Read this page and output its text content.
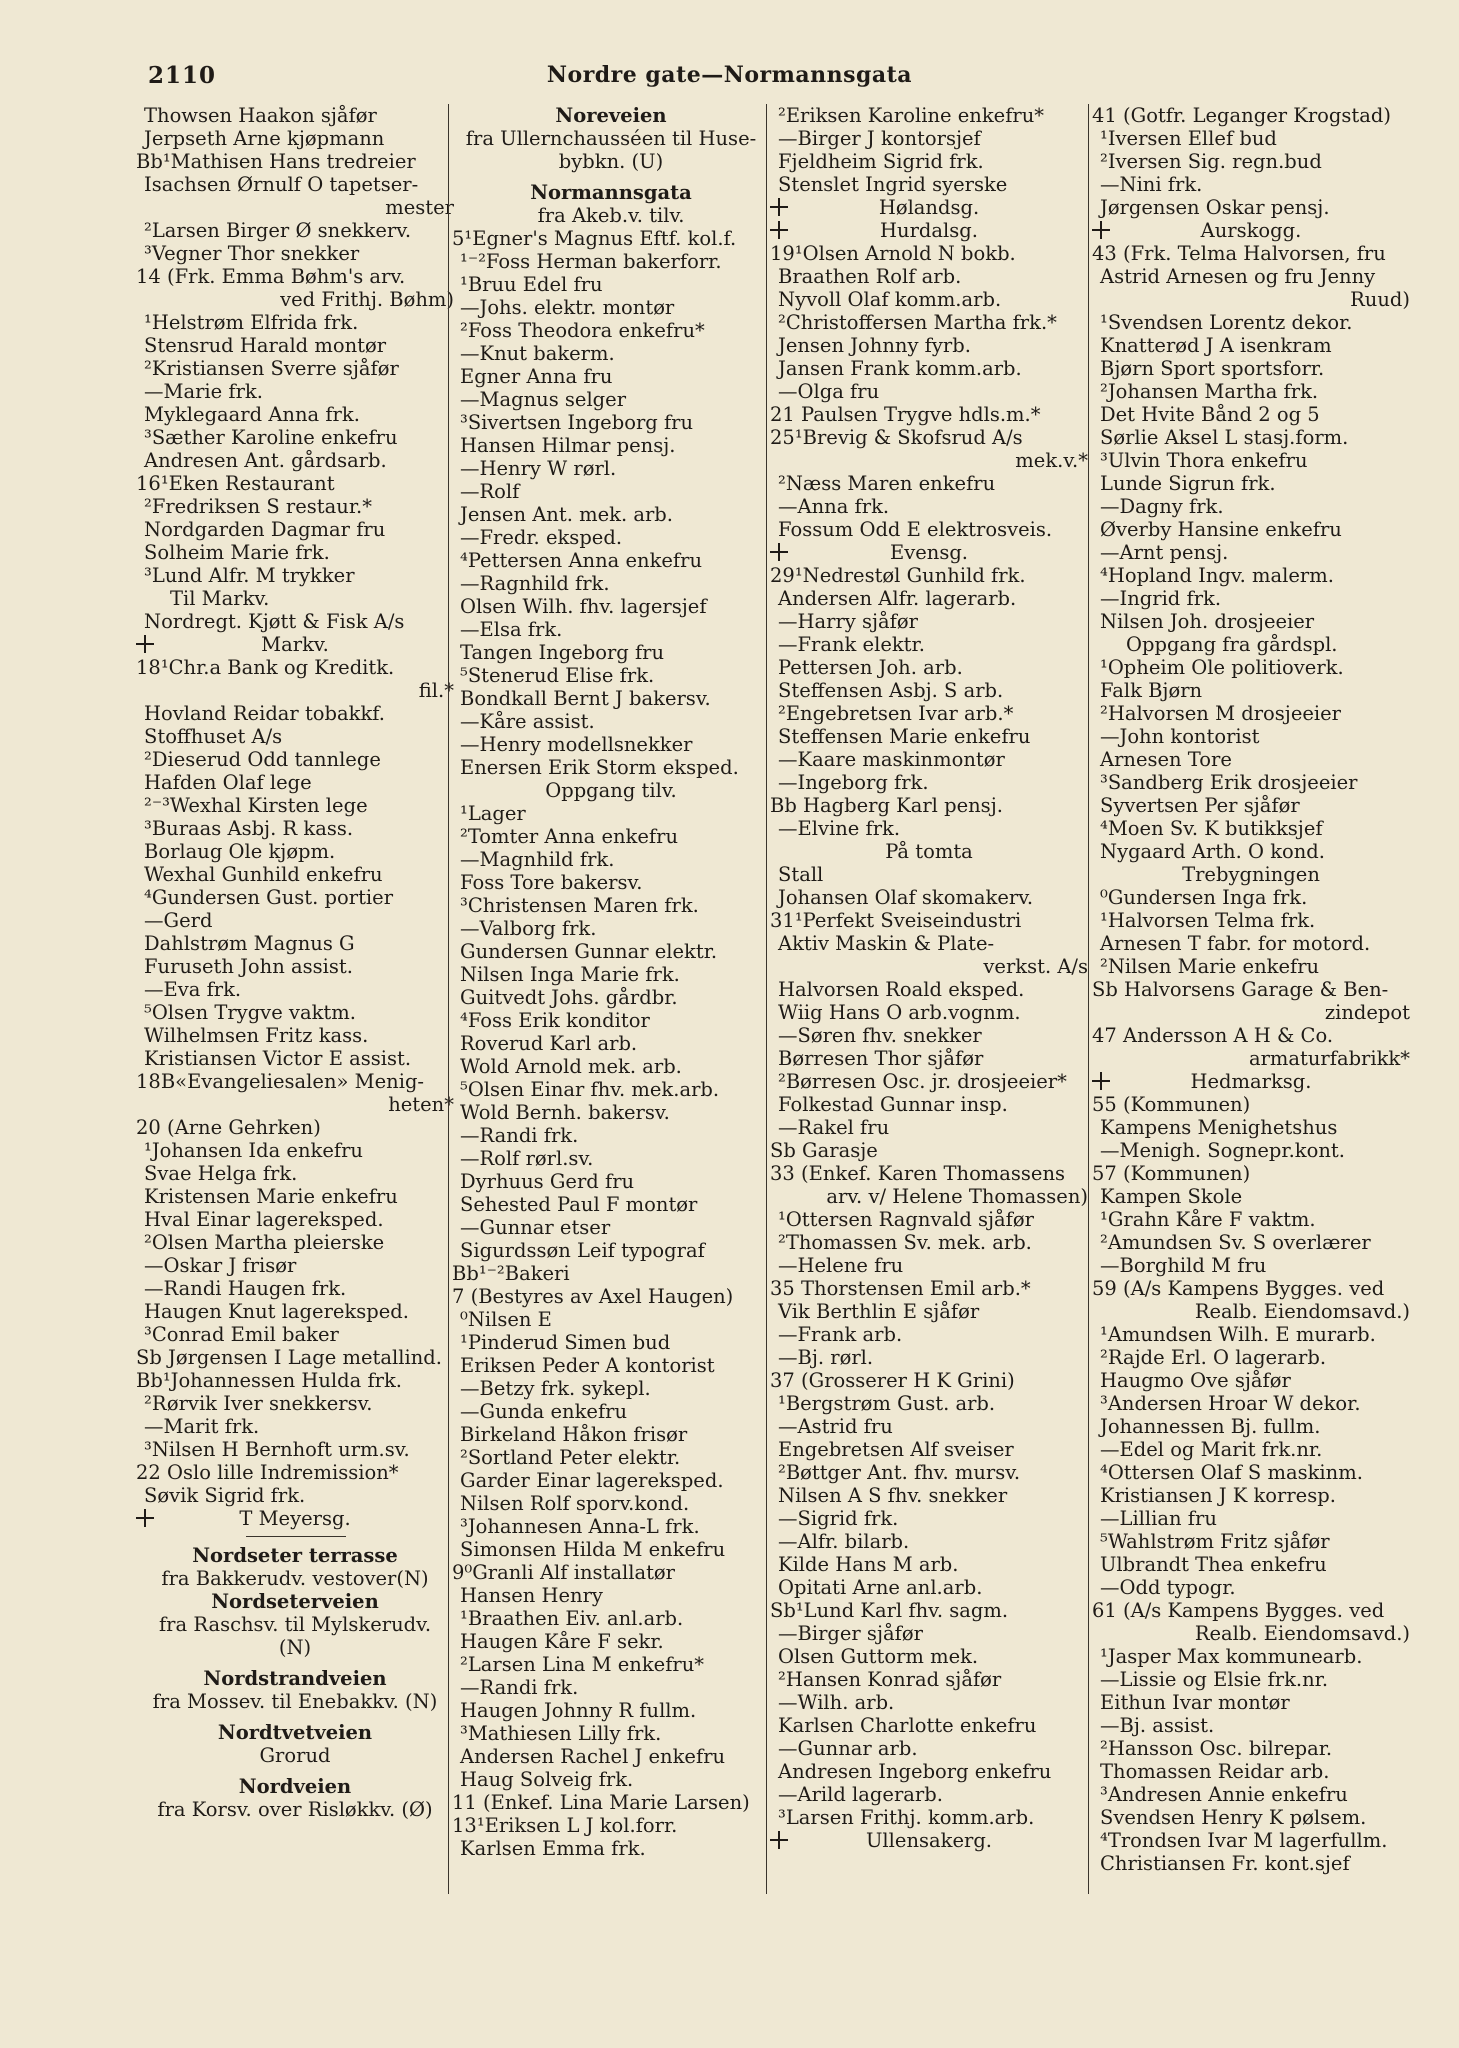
2110	Nordre gate—Normannsgata
Thowsen Haakon sjåfør
Jerpseth Arne kjøpmann
Bb¹Mathisen Hans tredreier
Isachsen Ørnulf O tapetser-
mester
²Larsen Birger Ø snekkerv.
³Vegner Thor snekker
14 (Frk. Emma Bøhm's arv.
ved Frithj. Bøhm)
¹Helstrøm Elfrida frk.
Stensrud Harald montør
²Kristiansen Sverre sjåfør
—Marie frk.
Myklegaard Anna frk.
³Sæther Karoline enkefru
Andresen Ant. gårdsarb.
16¹Eken Restaurant
²Fredriksen S restaur.*
Nordgarden Dagmar fru
Solheim Marie frk.
³Lund Alfr. M trykker
Til Markv.
Nordregt. Kjøtt & Fisk A/s
Markv.
18¹Chr.a Bank og Kreditk.
fil.*
Hovland Reidar tobakkf.
Stoffhuset A/s
²Dieserud Odd tannlege
Hafden Olaf lege
²⁻³Wexhal Kirsten lege
³Buraas Asbj. R kass.
Borlaug Ole kjøpm.
Wexhal Gunhild enkefru
⁴Gundersen Gust. portier
—Gerd
Dahlstrøm Magnus G
Furuseth John assist.
—Eva frk.
⁵Olsen Trygve vaktm.
Wilhelmsen Fritz kass.
Kristiansen Victor E assist.
18B«Evangeliesalen» Menig-
heten*
20 (Arne Gehrken)
¹Johansen Ida enkefru
Svae Helga frk.
Kristensen Marie enkefru
Hval Einar lagereksped.
²Olsen Martha pleierske
—Oskar J frisør
—Randi Haugen frk.
Haugen Knut lagereksped.
³Conrad Emil baker
Sb Jørgensen I Lage metallind.
Bb¹Johannessen Hulda frk.
²Rørvik Iver snekkersv.
—Marit frk.
³Nilsen H Bernhoft urm.sv.
22 Oslo lille Indremission*
Søvik Sigrid frk.
T Meyersg.
Nordseter terrasse
fra Bakkerudv. vestover(N)
Nordseterveien
fra Raschsv. til Mylskerudv.
(N)
Nordstrandveien
fra Mossev. til Enebakkv. (N)
Nordtvetveien
Grorud
Nordveien
fra Korsv. over Risløkkv. (Ø)
Noreveien
fra Ullernchausséen til Huse-
bybkn. (U)
Normannsgata
fra Akeb.v. tilv.
5¹Egner's Magnus Eftf. kol.f.
¹⁻²Foss Herman bakerforr.
¹Bruu Edel fru
—Johs. elektr. montør
²Foss Theodora enkefru*
—Knut bakerm.
Egner Anna fru
—Magnus selger
³Sivertsen Ingeborg fru
Hansen Hilmar pensj.
—Henry W rørl.
—Rolf
Jensen Ant. mek. arb.
—Fredr. eksped.
⁴Pettersen Anna enkefru
—Ragnhild frk.
Olsen Wilh. fhv. lagersjef
—Elsa frk.
Tangen Ingeborg fru
⁵Stenerud Elise frk.
Bondkall Bernt J bakersv.
—Kåre assist.
—Henry modellsnekker
Enersen Erik Storm eksped.
Oppgang tilv.
¹Lager
²Tomter Anna enkefru
—Magnhild frk.
Foss Tore bakersv.
³Christensen Maren frk.
—Valborg frk.
Gundersen Gunnar elektr.
Nilsen Inga Marie frk.
Guitvedt Johs. gårdbr.
⁴Foss Erik konditor
Roverud Karl arb.
Wold Arnold mek. arb.
⁵Olsen Einar fhv. mek.arb.
Wold Bernh. bakersv.
—Randi frk.
—Rolf rørl.sv.
Dyrhuus Gerd fru
Sehested Paul F montør
—Gunnar etser
Sigurdssøn Leif typograf
Bb¹⁻²Bakeri
7 (Bestyres av Axel Haugen)
⁰Nilsen E
¹Pinderud Simen bud
Eriksen Peder A kontorist
—Betzy frk. sykepl.
—Gunda enkefru
Birkeland Håkon frisør
²Sortland Peter elektr.
Garder Einar lagereksped.
Nilsen Rolf sporv.kond.
³Johannesen Anna-L frk.
Simonsen Hilda M enkefru
9⁰Granli Alf installatør
Hansen Henry
¹Braathen Eiv. anl.arb.
Haugen Kåre F sekr.
²Larsen Lina M enkefru*
—Randi frk.
Haugen Johnny R fullm.
³Mathiesen Lilly frk.
Andersen Rachel J enkefru
Haug Solveig frk.
11 (Enkef. Lina Marie Larsen)
13¹Eriksen L J kol.forr.
Karlsen Emma frk.
²Eriksen Karoline enkefru*
—Birger J kontorsjef
Fjeldheim Sigrid frk.
Stenslet Ingrid syerske
Hølandsg.
Hurdalsg.
19¹Olsen Arnold N bokb.
Braathen Rolf arb.
Nyvoll Olaf komm.arb.
²Christoffersen Martha frk.*
Jensen Johnny fyrb.
Jansen Frank komm.arb.
—Olga fru
21 Paulsen Trygve hdls.m.*
25¹Brevig & Skofsrud A/s
mek.v.*
²Næss Maren enkefru
—Anna frk.
Fossum Odd E elektrosveis.
Evensg.
29¹Nedrestøl Gunhild frk.
Andersen Alfr. lagerarb.
—Harry sjåfør
—Frank elektr.
Pettersen Joh. arb.
Steffensen Asbj. S arb.
²Engebretsen Ivar arb.*
Steffensen Marie enkefru
—Kaare maskinmontør
—Ingeborg frk.
Bb Hagberg Karl pensj.
—Elvine frk.
På tomta
Stall
Johansen Olaf skomakerv.
31¹Perfekt Sveiseindustri
Aktiv Maskin & Plate-
verkst. A/s
Halvorsen Roald eksped.
Wiig Hans O arb.vognm.
—Søren fhv. snekker
Børresen Thor sjåfør
²Børresen Osc. jr. drosjeeier*
Folkestad Gunnar insp.
—Rakel fru
Sb Garasje
33 (Enkef. Karen Thomassens
arv. v/ Helene Thomassen)
¹Ottersen Ragnvald sjåfør
²Thomassen Sv. mek. arb.
—Helene fru
35 Thorstensen Emil arb.*
Vik Berthlin E sjåfør
—Frank arb.
—Bj. rørl.
37 (Grosserer H K Grini)
¹Bergstrøm Gust. arb.
—Astrid fru
Engebretsen Alf sveiser
²Bøttger Ant. fhv. mursv.
Nilsen A S fhv. snekker
—Sigrid frk.
—Alfr. bilarb.
Kilde Hans M arb.
Opitati Arne anl.arb.
Sb¹Lund Karl fhv. sagm.
—Birger sjåfør
Olsen Guttorm mek.
²Hansen Konrad sjåfør
—Wilh. arb.
Karlsen Charlotte enkefru
—Gunnar arb.
Andresen Ingeborg enkefru
—Arild lagerarb.
³Larsen Frithj. komm.arb.
Ullensakerg.
41 (Gotfr. Leganger Krogstad)
¹Iversen Ellef bud
²Iversen Sig. regn.bud
—Nini frk.
Jørgensen Oskar pensj.
Aurskogg.
43 (Frk. Telma Halvorsen, fru
Astrid Arnesen og fru Jenny
Ruud)
¹Svendsen Lorentz dekor.
Knatterød J A isenkram
Bjørn Sport sportsforr.
²Johansen Martha frk.
Det Hvite Bånd 2 og 5
Sørlie Aksel L stasj.form.
³Ulvin Thora enkefru
Lunde Sigrun frk.
—Dagny frk.
Øverby Hansine enkefru
—Arnt pensj.
⁴Hopland Ingv. malerm.
—Ingrid frk.
Nilsen Joh. drosjeeier
Oppgang fra gårdspl.
¹Opheim Ole politioverk.
Falk Bjørn
²Halvorsen M drosjeeier
—John kontorist
Arnesen Tore
³Sandberg Erik drosjeeier
Syvertsen Per sjåfør
⁴Moen Sv. K butikksjef
Nygaard Arth. O kond.
Trebygningen
⁰Gundersen Inga frk.
¹Halvorsen Telma frk.
Arnesen T fabr. for motord.
²Nilsen Marie enkefru
Sb Halvorsens Garage & Ben-
zindepot
47 Andersson A H & Co.
armaturfabrikk*
Hedmarksg.
55 (Kommunen)
Kampens Menighetshus
—Menigh. Sognepr.kont.
57 (Kommunen)
Kampen Skole
¹Grahn Kåre F vaktm.
²Amundsen Sv. S overlærer
—Borghild M fru
59 (A/s Kampens Bygges. ved
Realb. Eiendomsavd.)
¹Amundsen Wilh. E murarb.
²Rajde Erl. O lagerarb.
Haugmo Ove sjåfør
³Andersen Hroar W dekor.
Johannessen Bj. fullm.
—Edel og Marit frk.nr.
⁴Ottersen Olaf S maskinm.
Kristiansen J K korresp.
—Lillian fru
⁵Wahlstrøm Fritz sjåfør
Ulbrandt Thea enkefru
—Odd typogr.
61 (A/s Kampens Bygges. ved
Realb. Eiendomsavd.)
¹Jasper Max kommunearb.
—Lissie og Elsie frk.nr.
Eithun Ivar montør
—Bj. assist.
²Hansson Osc. bilrepar.
Thomassen Reidar arb.
³Andresen Annie enkefru
Svendsen Henry K pølsem.
⁴Trondsen Ivar M lagerfullm.
Christiansen Fr. kont.sjef
